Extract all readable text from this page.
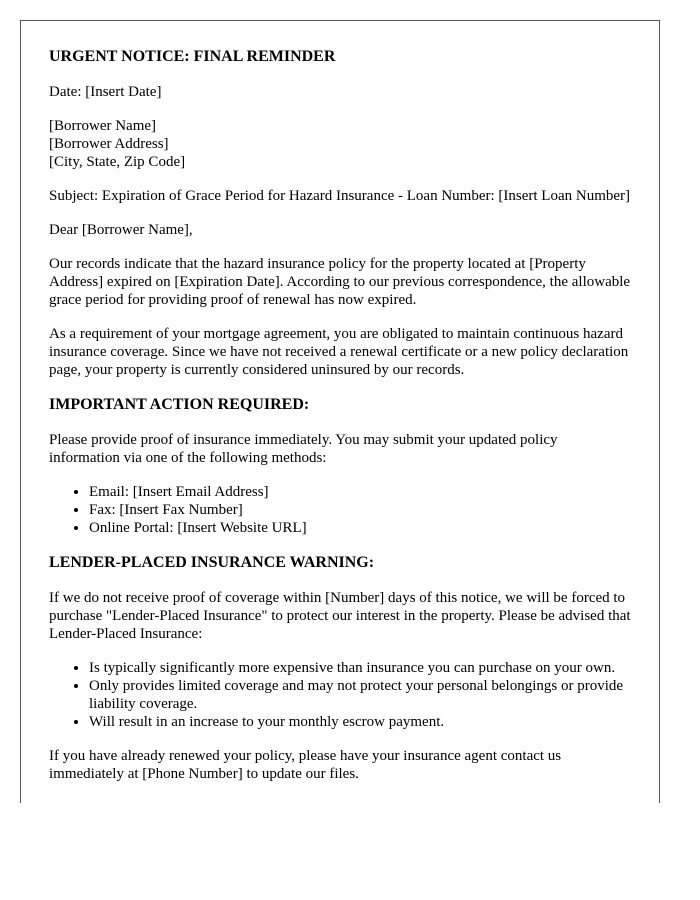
URGENT NOTICE: FINAL REMINDER

Date: [Insert Date]

[Borrower Name]
[Borrower Address]
[City, State, Zip Code]

Subject: Expiration of Grace Period for Hazard Insurance - Loan Number: [Insert Loan Number]

Dear [Borrower Name],

Our records indicate that the hazard insurance policy for the property located at [Property Address] expired on [Expiration Date]. According to our previous correspondence, the allowable grace period for providing proof of renewal has now expired.

As a requirement of your mortgage agreement, you are obligated to maintain continuous hazard insurance coverage. Since we have not received a renewal certificate or a new policy declaration page, your property is currently considered uninsured by our records.

IMPORTANT ACTION REQUIRED:

Please provide proof of insurance immediately. You may submit your updated policy information via one of the following methods:

• Email: [Insert Email Address]
• Fax: [Insert Fax Number]
• Online Portal: [Insert Website URL]
LENDER-PLACED INSURANCE WARNING:

If we do not receive proof of coverage within [Number] days of this notice, we will be forced to purchase "Lender-Placed Insurance" to protect our interest in the property. Please be advised that Lender-Placed Insurance:

• Is typically significantly more expensive than insurance you can purchase on your own.
• Only provides limited coverage and may not protect your personal belongings or provide liability coverage.
• Will result in an increase to your monthly escrow payment.

If you have already renewed your policy, please have your insurance agent contact us immediately at [Phone Number] to update our files.
